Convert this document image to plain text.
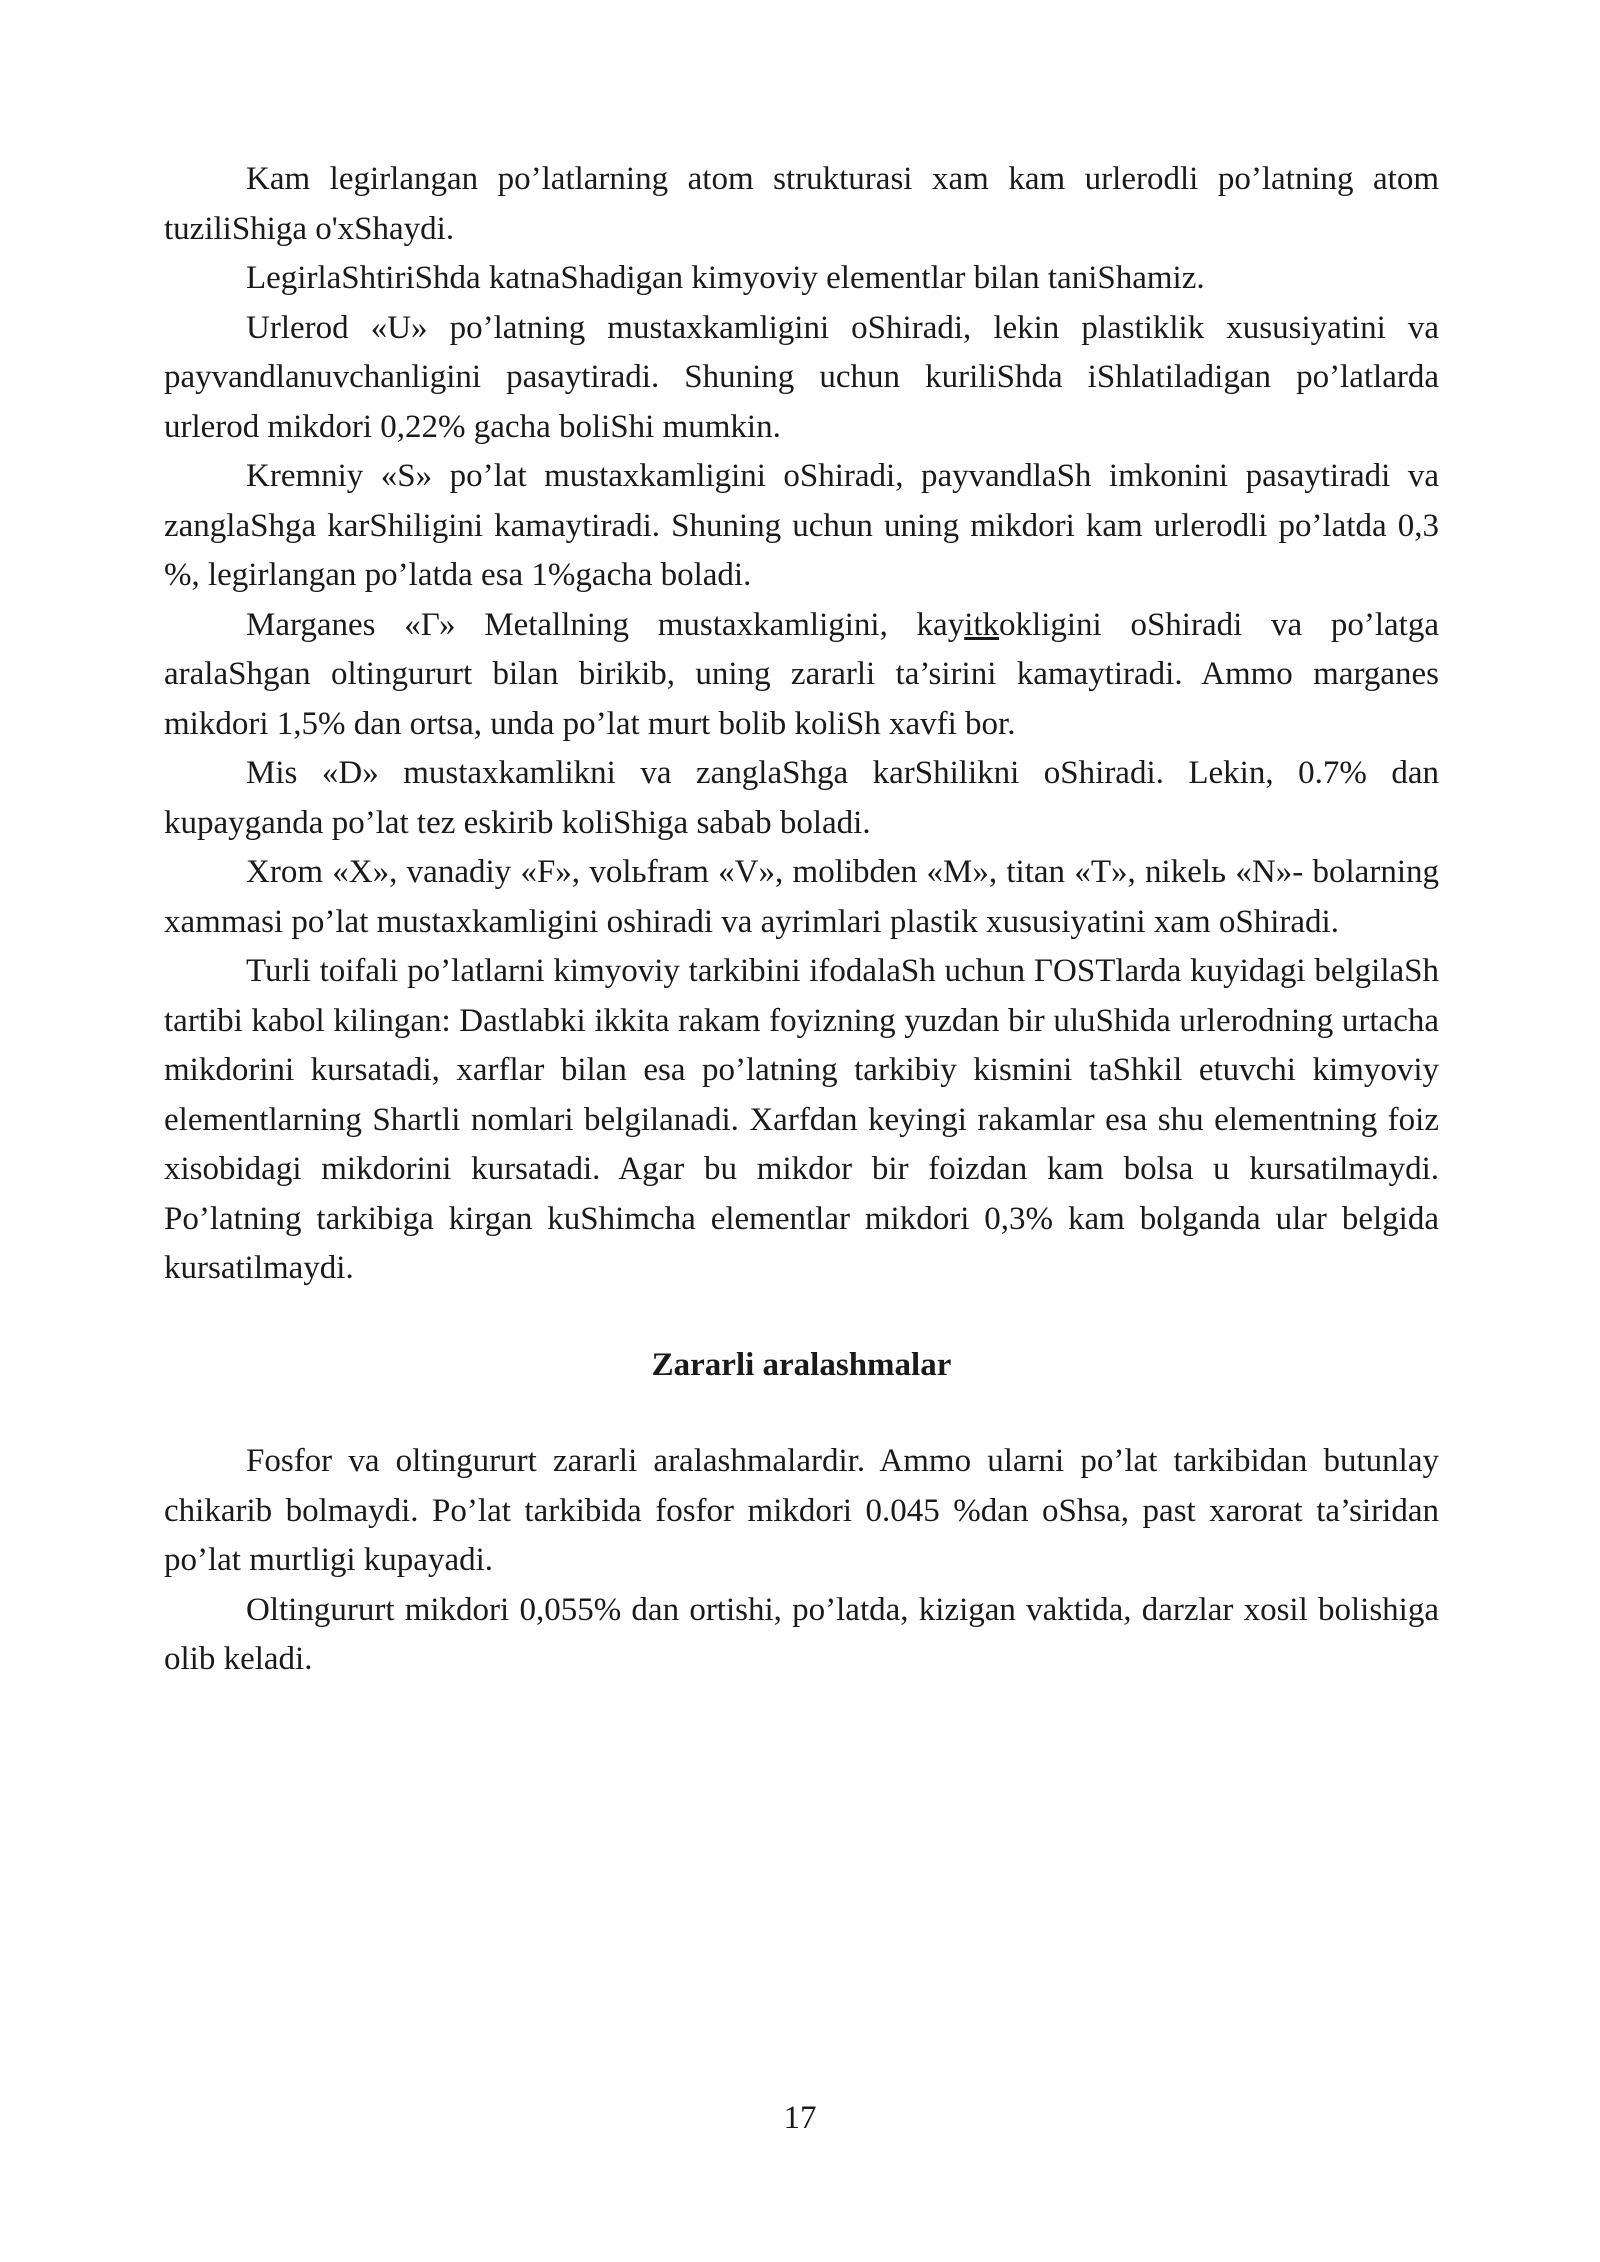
Kam legirlangan po’latlarning atom strukturasi xam kam urlerodli po’latning atom tuziliShiga o'xShaydi.

LegirlaShtiriShda katnaShadigan kimyoviy elementlar bilan taniShamiz.

Urlerod «U» po’latning mustaxkamligini oShiradi, lekin plastiklik xususiyatini va payvandlanuvchanligini pasaytiradi. Shuning uchun kuriliShda iShlatiladigan po’latlarda urlerod mikdori 0,22% gacha boliShi mumkin.

Kremniy «S» po’lat mustaxkamligini oShiradi, payvandlaSh imkonini pasaytiradi va zanglaShga karShiligini kamaytiradi. Shuning uchun uning mikdori kam urlerodli po’latda 0,3 %, legirlangan po’latda esa 1%gacha boladi.

Marganes «Г» Metallning mustaxkamligini, kayitkokligini oShiradi va po’latga aralaShgan oltingururt bilan birikib, uning zararli ta’sirini kamaytiradi. Ammo marganes mikdori 1,5% dan ortsa, unda po’lat murt bolib koliSh xavfi bor.

Mis «D» mustaxkamlikni va zanglaShga karShilikni oShiradi. Lekin, 0.7% dan kupayganda po’lat tez eskirib koliShiga sabab boladi.

Xrom «X», vanadiy «F», volьfram «V», molibden «M», titan «T», nikelь «N»- bolarning xammasi po’lat mustaxkamligini oshiradi va ayrimlari plastik xususiyatini xam oShiradi.

Turli toifali po’latlarni kimyoviy tarkibini ifodalaSh uchun ГOSTlarda kuyidagi belgilaSh tartibi kabol kilingan: Dastlabki ikkita rakam foyizning yuzdan bir uluShida urlerodning urtacha mikdorini kursatadi, xarflar bilan esa po’latning tarkibiy kismini taShkil etuvchi kimyoviy elementlarning Shartli nomlari belgilanadi. Xarfdan keyingi rakamlar esa shu elementning foiz xisobidagi mikdorini kursatadi. Agar bu mikdor bir foizdan kam bolsa u kursatilmaydi. Po’latning tarkibiga kirgan kuShimcha elementlar mikdori 0,3% kam bolganda ular belgida kursatilmaydi.

Zararli aralashmalar

Fosfor va oltingururt zararli aralashmalardir. Ammo ularni po’lat tarkibidan butunlay chikarib bolmaydi. Po’lat tarkibida fosfor mikdori 0.045 %dan oShsa, past xarorat ta’siridan po’lat murtligi kupayadi.

Oltingururt mikdori 0,055% dan ortishi, po’latda, kizigan vaktida, darzlar xosil bolishiga olib keladi.

17
